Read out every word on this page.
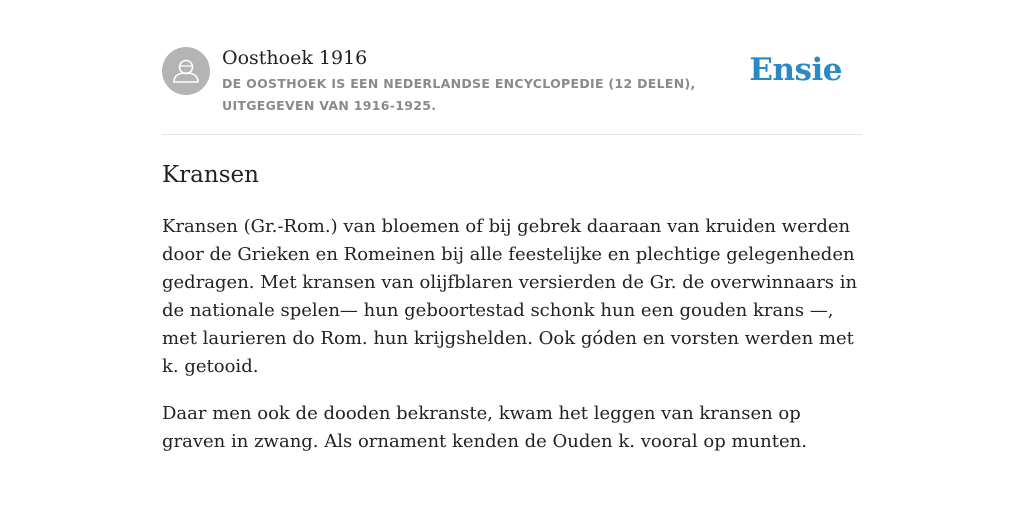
Oosthoek 1916

DE OOSTHOEK IS EEN NEDERLANDSE ENCYCLOPEDIE (12 DELEN), UITGEGEVEN VAN 1916-1925.

Ensie
Kransen

Kransen (Gr.-Rom.) van bloemen of bij gebrek daaraan van kruiden werden door de Grieken en Romeinen bij alle feestelijke en plechtige gelegenheden gedragen. Met kransen van olijfblaren versierden de Gr. de overwinnaars in de nationale spelen— hun geboortestad schonk hun een gouden krans —, met laurieren do Rom. hun krijgshelden. Ook góden en vorsten werden met k. getooid.

Daar men ook de dooden bekranste, kwam het leggen van kransen op graven in zwang. Als ornament kenden de Ouden k. vooral op munten.
